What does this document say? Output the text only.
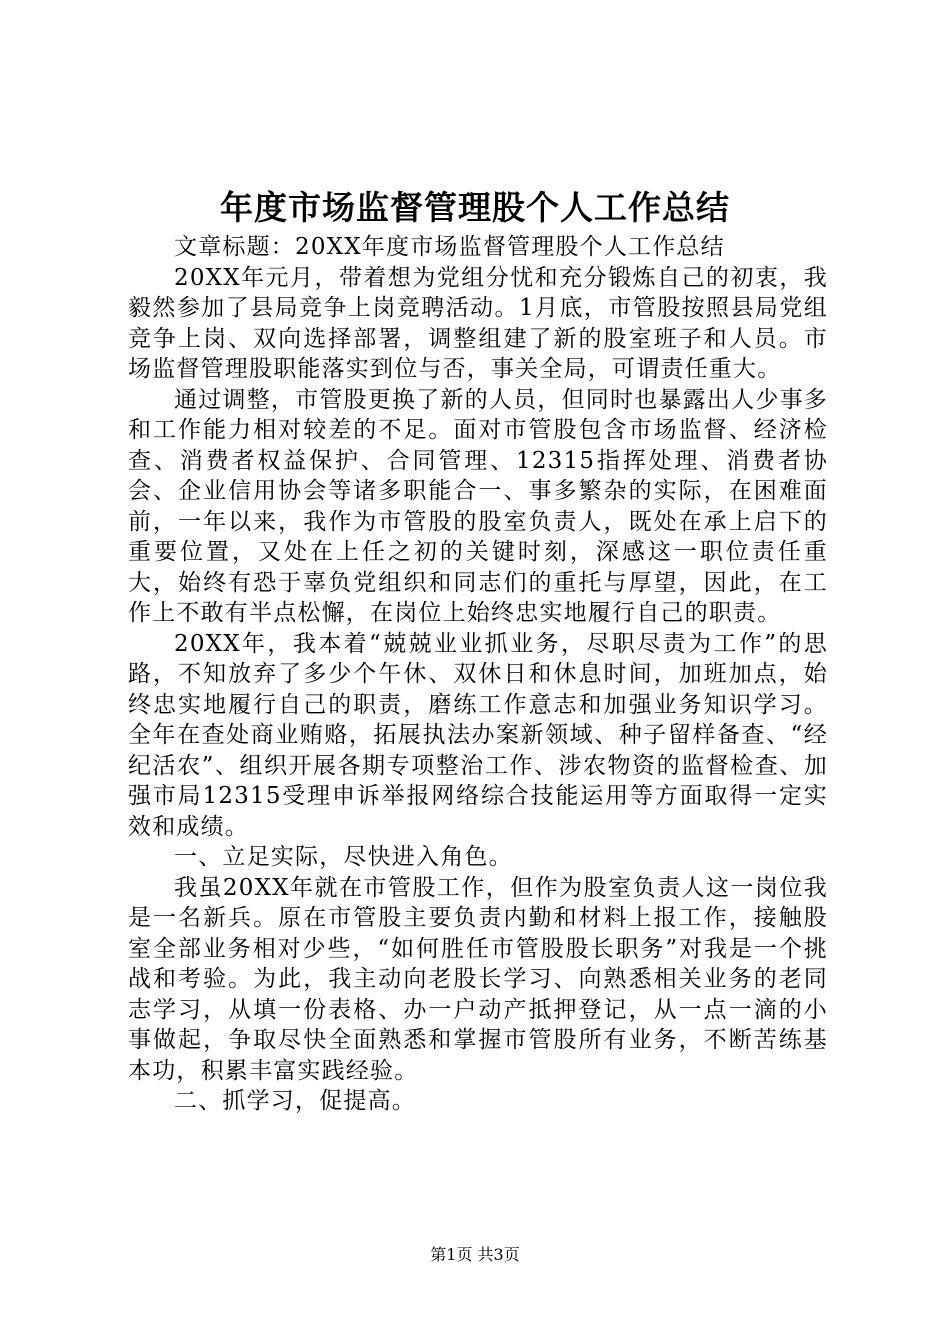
年度市场监督管理股个人工作总结

文章标题：20XX年度市场监督管理股个人工作总结

20XX年元月，带着想为党组分忧和充分锻炼自己的初衷，我毅然参加了县局竞争上岗竞聘活动。1月底，市管股按照县局党组竞争上岗、双向选择部署，调整组建了新的股室班子和人员。市场监督管理股职能落实到位与否，事关全局，可谓责任重大。

通过调整，市管股更换了新的人员，但同时也暴露出人少事多和工作能力相对较差的不足。面对市管股包含市场监督、经济检查、消费者权益保护、合同管理、12315指挥处理、消费者协会、企业信用协会等诸多职能合一、事多繁杂的实际，在困难面前，一年以来，我作为市管股的股室负责人，既处在承上启下的重要位置，又处在上任之初的关键时刻，深感这一职位责任重大，始终有恐于辜负党组织和同志们的重托与厚望，因此，在工作上不敢有半点松懈，在岗位上始终忠实地履行自己的职责。

20XX年，我本着“兢兢业业抓业务，尽职尽责为工作”的思路，不知放弃了多少个午休、双休日和休息时间，加班加点，始终忠实地履行自己的职责，磨练工作意志和加强业务知识学习。全年在查处商业贿赂，拓展执法办案新领域、种子留样备查、“经纪活农”、组织开展各期专项整治工作、涉农物资的监督检查、加强市局12315受理申诉举报网络综合技能运用等方面取得一定实效和成绩。

一、立足实际，尽快进入角色。

我虽20XX年就在市管股工作，但作为股室负责人这一岗位我是一名新兵。原在市管股主要负责内勤和材料上报工作，接触股室全部业务相对少些，“如何胜任市管股股长职务”对我是一个挑战和考验。为此，我主动向老股长学习、向熟悉相关业务的老同志学习，从填一份表格、办一户动产抵押登记，从一点一滴的小事做起，争取尽快全面熟悉和掌握市管股所有业务，不断苦练基本功，积累丰富实践经验。

二、抓学习，促提高。

第1页 共3页
